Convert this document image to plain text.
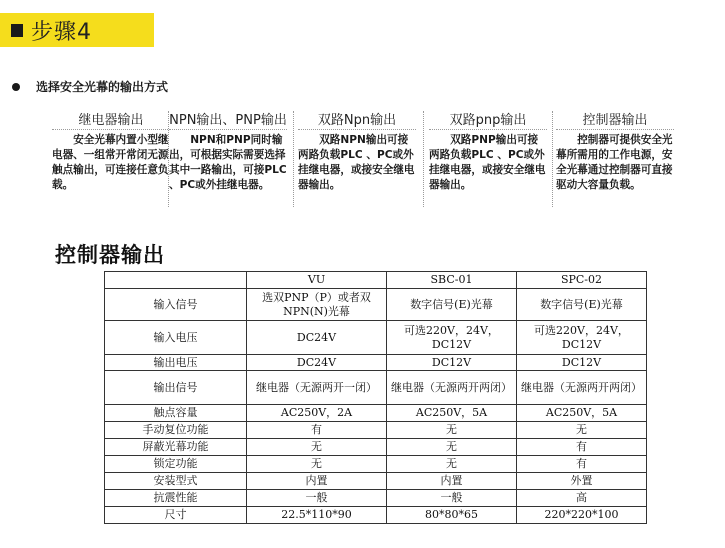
步骤4
选择安全光幕的输出方式
继电器输出
安全光幕内置小型继电器、一组常开常闭无源触点输出，可连接任意负载。
NPN输出、PNP输出
NPN和PNP同时输出，可根据实际需要选择其中一路输出，可接PLC 、PC或外挂继电器。
双路Npn输出
双路NPN输出可接两路负载PLC 、PC或外挂继电器，或接安全继电器输出。
双路pnp输出
双路PNP输出可接两路负载PLC 、PC或外挂继电器，或接安全继电器输出。
控制器输出
控制器可提供安全光幕所需用的工作电源，安全光幕通过控制器可直接驱动大容量负载。
控制器输出
	VU	SBC-01	SPC-02
输入信号	选双PNP（P）或者双NPN(N)光幕	数字信号(E)光幕	数字信号(E)光幕
输入电压	DC24V	可选220V，24V，DC12V	可选220V，24V，DC12V
输出电压	DC24V	DC12V	DC12V
输出信号	继电器（无源两开一闭）	继电器（无源两开两闭）	继电器（无源两开两闭）
触点容量	AC250V，2A	AC250V，5A	AC250V，5A
手动复位功能	有	无	无
屏蔽光幕功能	无	无	有
锁定功能	无	无	有
安装型式	内置	内置	外置
抗震性能	一般	一般	高
尺寸	22.5*110*90	80*80*65	220*220*100
